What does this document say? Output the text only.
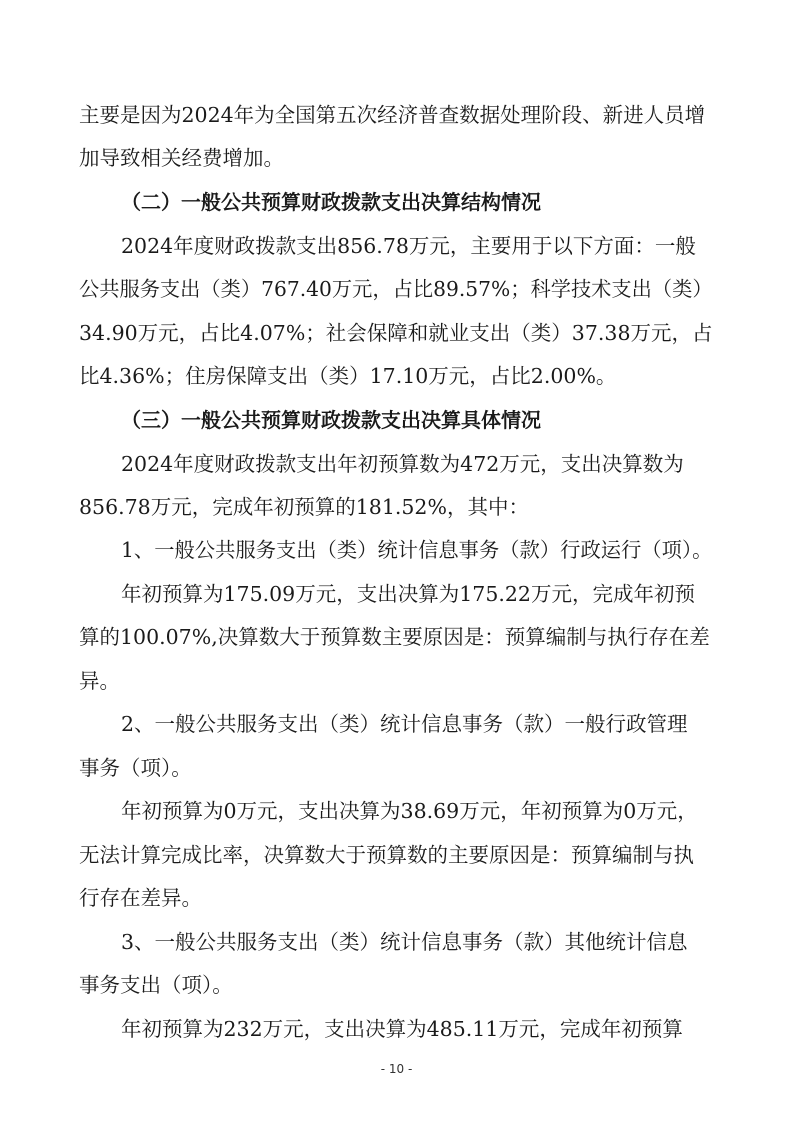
主要是因为2024年为全国第五次经济普查数据处理阶段、新进人员增
加导致相关经费增加。
（二）一般公共预算财政拨款支出决算结构情况
2024年度财政拨款支出856.78万元，主要用于以下方面：一般
公共服务支出（类）767.40万元，占比89.57%；科学技术支出（类）
34.90万元，占比4.07%；社会保障和就业支出（类）37.38万元，占
比4.36%；住房保障支出（类）17.10万元，占比2.00%。
（三）一般公共预算财政拨款支出决算具体情况
2024年度财政拨款支出年初预算数为472万元，支出决算数为
856.78万元，完成年初预算的181.52%，其中：
1、一般公共服务支出（类）统计信息事务（款）行政运行（项）。
年初预算为175.09万元，支出决算为175.22万元，完成年初预
算的100.07%,决算数大于预算数主要原因是：预算编制与执行存在差
异。
2、一般公共服务支出（类）统计信息事务（款）一般行政管理
事务（项）。
年初预算为0万元，支出决算为38.69万元，年初预算为0万元，
无法计算完成比率，决算数大于预算数的主要原因是：预算编制与执
行存在差异。
3、一般公共服务支出（类）统计信息事务（款）其他统计信息
事务支出（项）。
年初预算为232万元，支出决算为485.11万元，完成年初预算
- 10 -
